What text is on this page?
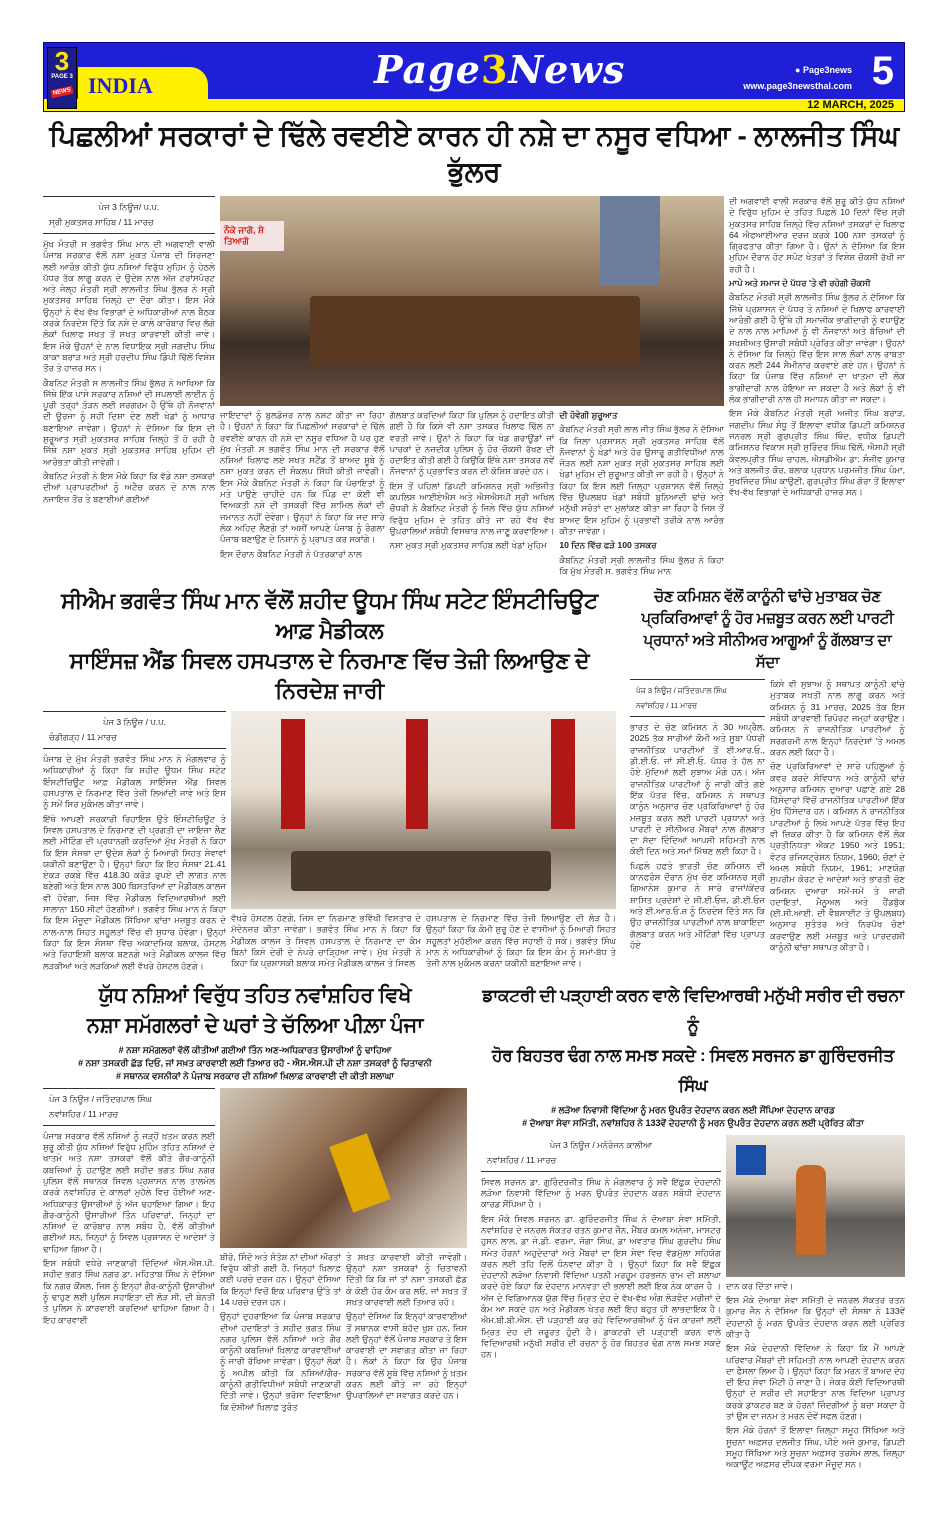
INDIA
3
PAGE 3
NEWS	Page3News	● Page3news
www.page3newsthal.com 5
12 MARCH, 2025
ਪਿਛਲੀਆਂ ਸਰਕਾਰਾਂ ਦੇ ਢਿੱਲੇ ਰਵਈਏ ਕਾਰਨ ਹੀ ਨਸ਼ੇ ਦਾ ਨਸੂਰ ਵਧਿਆ - ਲਾਲਜੀਤ ਸਿੰਘ ਭੁੱਲਰ
ਪੇਜ 3 ਨਿਊਜ਼/ ਪ.ਪ.
ਸ੍ਰੀ ਮੁਕਤਸਰ ਸਾਹਿਬ / 11 ਮਾਰਚ

ਮੁੱਖ ਮੰਤਰੀ ਸ ਭਗਵੰਤ ਸਿੰਘ ਮਾਨ ਦੀ ਅਗਵਾਈ ਵਾਲੀ ਪੰਜਾਬ ਸਰਕਾਰ ਵੱਲੋਂ ਨਸ਼ਾ ਮੁਕਤ ਪੰਜਾਬ ਦੀ ਸਿਰਜਣਾ ਲਈ ਆਰੰਭ ਕੀਤੀ ਯੁੱਧ ਨਸ਼ਿਆਂ ਵਿਰੁੱਧ ਮੁਹਿਮ ਨੂੰ ਹੇਠਲੇ ਪੱਧਰ ਤੱਕ ਲਾਗੂ ਕਰਨ ਦੇ ਉਦੇਸ਼ ਨਾਲ ਅੱਜ ਟਰਾਂਸਪੋਰਟ ਅਤੇ ਜੇਲ੍ਹ ਮੰਤਰੀ ਸ੍ਰੀ ਲਾਲਜੀਤ ਸਿੰਘ ਭੁੱਲਰ ਨੇ ਸ੍ਰੀ ਮੁਕਤਸਰ ਸਾਹਿਬ ਜ਼ਿਲ੍ਹੇ ਦਾ ਦੌਰਾ ਕੀਤਾ। ਇਸ ਮੌਕੇ ਉਨ੍ਹਾਂ ਨੇ ਵੱਖ ਵੱਖ ਵਿਭਾਗਾਂ ਦੇ ਅਧਿਕਾਰੀਆਂ ਨਾਲ ਬੈਠਕ ਕਰਕੇ ਨਿਰਦੇਸ਼ ਦਿੱਤੇ ਕਿ ਨਸ਼ੇ ਦੇ ਕਾਲੇ ਕਾਰੋਬਾਰ ਵਿਚ ਲੱਗੇ ਲੋਕਾਂ ਖਿਲਾਫ ਸਖਤ ਤੋਂ ਸਖਤ ਕਾਰਵਾਈ ਕੀਤੀ ਜਾਵੇ। ਇਸ ਮੌਕੇ ਉਹਨਾਂ ਦੇ ਨਾਲ ਵਿਧਾਇਕ ਸ੍ਰੀ ਜਗਦੀਪ ਸਿੰਘ ਕਾਕਾ ਬਰਾੜ ਅਤੇ ਸ੍ਰੀ ਹਰਦੀਪ ਸਿੰਘ ਡਿੰਪੀ ਢਿੱਲੋਂ ਵਿਸ਼ੇਸ਼ ਤੌਰ ਤੇ ਹਾਜ਼ਰ ਸਨ।

ਕੈਬਨਿਟ ਮੰਤਰੀ ਸ ਲਾਲਜੀਤ ਸਿੰਘ ਭੁੱਲਰ ਨੇ ਆਖਿਆ ਕਿ ਜਿੱਥੇ ਇੱਕ ਪਾਸੇ ਸਰਕਾਰ ਨਸ਼ਿਆਂ ਦੀ ਸਪਲਾਈ ਲਾਈਨ ਨੂੰ ਪੂਰੀ ਤਰ੍ਹਾਂ ਤੋੜਨ ਲਈ ਸਰਗਰਮ ਹੈ ਉੱਥੇ ਹੀ ਨੌਜਵਾਨਾਂ ਦੀ ਊਰਜਾ ਨੂੰ ਸਹੀ ਦਿਸ਼ਾ ਦੇਣ ਲਈ ਖੇਡਾਂ ਨੂੰ ਆਧਾਰ ਬਣਾਇਆ ਜਾਵੇਗਾ। ਉਹਨਾਂ ਨੇ ਦੱਸਿਆ ਕਿ ਇਸ ਦੀ ਸ਼ੁਰੂਆਤ ਸ੍ਰੀ ਮੁਕਤਸਰ ਸਾਹਿਬ ਜ਼ਿਲ੍ਹੇ ਤੋਂ ਹੋ ਰਹੀ ਹੈ ਜਿੱਥੇ ਨਸ਼ਾ ਮੁਕਤ ਸ੍ਰੀ ਮੁਕਤਸਰ ਸਾਹਿਬ ਮੁਹਿਮ ਦੀ ਆਰੰਭਤਾ ਕੀਤੀ ਜਾਵੇਗੀ।

ਕੈਬਨਿਟ ਮੰਤਰੀ ਨੇ ਇਸ ਮੌਕੇ ਕਿਹਾ ਕਿ ਵੱਡੇ ਨਸ਼ਾ ਤਸਕਰਾਂ ਦੀਆਂ ਪ੍ਰਾਪਰਟੀਆਂ ਨੂੰ ਅਟੈਚ ਕਰਨ ਦੇ ਨਾਲ ਨਾਲ ਨਜਾਇਜ਼ ਤੌਰ ਤੇ ਬਣਾਈਆਂ ਗਈਆਂ

ਨੌਕੇ ਜਾਗੋ, ਸ਼ੇ ਤਿਆਗੋ

ਜਾਇਦਾਦਾਂ ਨੂੰ ਬੁਲਡੋਜ਼ਰ ਨਾਲ ਨਸ਼ਟ ਕੀਤਾ ਜਾ ਰਿਹਾ ਹੈ। ਉਹਨਾਂ ਨੇ ਕਿਹਾ ਕਿ ਪਿਛਲੀਆਂ ਸਰਕਾਰਾਂ ਦੇ ਢਿੱਲੇ ਰਵਈਏ ਕਾਰਨ ਹੀ ਨਸ਼ੇ ਦਾ ਨਸੂਰ ਵਧਿਆ ਹੈ ਪਰ ਹੁਣ ਮੁੱਖ ਮੰਤਰੀ ਸ ਭਗਵੰਤ ਸਿੰਘ ਮਾਨ ਦੀ ਸਰਕਾਰ ਵੱਲੋਂ ਨਸ਼ਿਆਂ ਖਿਲਾਫ ਲਏ ਸਖਤ ਸਟੈਂਡ ਤੋਂ ਬਾਅਦ ਸੂਬੇ ਨੂੰ ਨਸ਼ਾ ਮੁਕਤ ਕਰਨ ਦੀ ਸੰਕਲਪ ਸਿੱਧੀ ਕੀਤੀ ਜਾਵੇਗੀ। ਇਸ ਮੌਕੇ ਕੈਬਨਿਟ ਮੰਤਰੀ ਨੇ ਕਿਹਾ ਕਿ ਪੰਚਾਇਤਾਂ ਨੂੰ ਮਤੇ ਪਾਉਣੇ ਚਾਹੀਦੇ ਹਨ ਕਿ ਪਿੰਡ ਦਾ ਕੋਈ ਵੀ ਵਿਅਕਤੀ ਨਸ਼ੇ ਦੀ ਤਸਕਰੀ ਵਿੱਚ ਸ਼ਾਮਿਲ ਲੋਕਾਂ ਦੀ ਜਮਾਨਤ ਨਹੀਂ ਦੇਵੇਗਾ। ਉਨ੍ਹਾਂ ਨੇ ਕਿਹਾ ਕਿ ਜਦ ਸਾਰੇ ਲੋਕ ਅਹਿਦ ਲੈਣਗੇ ਤਾਂ ਅਸੀਂ ਆਪਣੇ ਪੰਜਾਬ ਨੂੰ ਰੰਗਲਾ ਪੰਜਾਬ ਬਣਾਉਣ ਦੇ ਨਿਸ਼ਾਨੇ ਨੂੰ ਪ੍ਰਾਪਤ ਕਰ ਸਕਾਂਗੇ।

ਇਸ ਦੌਰਾਨ ਕੈਬਨਿਟ ਮੰਤਰੀ ਨੇ ਪੱਤਰਕਾਰਾਂ ਨਾਲ

ਗੱਲਬਾਤ ਕਰਦਿਆਂ ਕਿਹਾ ਕਿ ਪੁਲਿਸ ਨੂੰ ਹਦਾਇਤ ਕੀਤੀ ਗਈ ਹੈ ਕਿ ਕਿਸੇ ਵੀ ਨਸ਼ਾ ਤਸਕਰ ਖਿਲਾਫ ਢਿੱਲ ਨਾ ਵਰਤੀ ਜਾਵੇ। ਉਨਾਂ ਨੇ ਕਿਹਾ ਕਿ ਖੇਡ ਗਰਾਊਂਡਾਂ ਜਾਂ ਪਾਰਕਾਂ ਦੇ ਨਜ਼ਦੀਕ ਪੁਲਿਸ ਨੂੰ ਹੋਰ ਚੌਕਸੀ ਰੱਖਣ ਦੀ ਹਦਾਇਤ ਕੀਤੀ ਗਈ ਹੈ ਕਿਉਂਕਿ ਇੱਥੇ ਨਸ਼ਾ ਤਸਕਰ ਨਵੇਂ ਨੌਜਵਾਨਾਂ ਨੂੰ ਪ੍ਰਭਾਵਿਤ ਕਰਨ ਦੀ ਕੋਸ਼ਿਸ਼ ਕਰਦੇ ਹਨ।

ਇਸ ਤੋਂ ਪਹਿਲਾਂ ਡਿਪਟੀ ਕਮਿਸ਼ਨਰ ਸ੍ਰੀ ਅਭਿਜੀਤ ਕਪਲਿਸ਼ ਆਈਏਐਸ ਅਤੇ ਐਸਐਸਪੀ ਸ੍ਰੀ ਅਖਿਲ ਚੌਧਰੀ ਨੇ ਕੈਬਨਿਟ ਮੰਤਰੀ ਨੂੰ ਜਿਲੇ ਵਿੱਚ ਯੁੱਧ ਨਸ਼ਿਆਂ ਵਿਰੁੱਧ ਮੁਹਿਮ ਦੇ ਤਹਿਤ ਕੀਤੇ ਜਾ ਰਹੇ ਵੱਖ ਵੱਖ ਉਪਰਾਲਿਆਂ ਸਬੰਧੀ ਵਿਸਥਾਰ ਨਾਲ ਜਾਣੂ ਕਰਵਾਇਆ।

ਨਸ਼ਾ ਮੁਕਤ ਸ੍ਰੀ ਮੁਕਤਸਰ ਸਾਹਿਬ ਲਈ ਖੇਡਾਂ ਮੁਹਿਮ

ਦੀ ਹੋਵੇਗੀ ਸ਼ੁਰੂਆਤ

ਕੈਬਨਿਟ ਮੰਤਰੀ ਸ੍ਰੀ ਲਾਲ ਜੀਤ ਸਿੰਘ ਭੁੱਲਰ ਨੇ ਦੱਸਿਆ ਕਿ ਜਿਲਾ ਪ੍ਰਸ਼ਾਸਨ ਸ੍ਰੀ ਮੁਕਤਸਰ ਸਾਹਿਬ ਵੱਲੋਂ ਨੌਜਵਾਨਾਂ ਨੂੰ ਖੇਡਾਂ ਅਤੇ ਹੋਰ ਉਸਾਰੂ ਗਤੀਵਿਧੀਆਂ ਨਾਲ ਜੋੜਨ ਲਈ ਨਸ਼ਾ ਮੁਕਤ ਸ੍ਰੀ ਮੁਕਤਸਰ ਸਾਹਿਬ ਲਈ ਖੇਡਾਂ ਮੁਹਿਮ ਦੀ ਸ਼ੁਰੂਆਤ ਕੀਤੀ ਜਾ ਰਹੀ ਹੈ। ਉਨ੍ਹਾਂ ਨੇ ਕਿਹਾ ਕਿ ਇਸ ਲਈ ਜ਼ਿਲ੍ਹਾ ਪ੍ਰਸ਼ਾਸਨ ਵੱਲੋਂ ਜ਼ਿਲ੍ਹੇ ਵਿੱਚ ਉਪਲਬਧ ਖੇਡਾਂ ਸਬੰਧੀ ਬੁਨਿਆਦੀ ਢਾਂਚੇ ਅਤੇ ਮਨੁੱਖੀ ਸਰੋਤਾਂ ਦਾ ਮੁਲਾਂਕਣ ਕੀਤਾ ਜਾ ਰਿਹਾ ਹੈ ਜਿਸ ਤੋਂ ਬਾਅਦ ਇਸ ਮੁਹਿਮ ਨੂੰ ਪ੍ਰਭਾਵੀ ਤਰੀਕੇ ਨਾਲ ਆਰੰਭ ਕੀਤਾ ਜਾਵੇਗਾ।

10 ਦਿਨ ਵਿੱਚ ਫੜੇ 100 ਤਸਕਰ

ਕੈਬਨਿਟ ਮੰਤਰੀ ਸ੍ਰੀ ਲਾਲਜੀਤ ਸਿੰਘ ਭੁੱਲਰ ਨੇ ਕਿਹਾ ਕਿ ਮੁੱਖ ਮੰਤਰੀ ਸ. ਭਗਵੰਤ ਸਿੰਘ ਮਾਨ

ਦੀ ਅਗਵਾਈ ਵਾਲੀ ਸਰਕਾਰ ਵੱਲੋਂ ਸ਼ੁਰੂ ਕੀਤੇ ਯੁੱਧ ਨਸ਼ਿਆਂ ਦੇ ਵਿਰੁੱਧ ਮੁਹਿਮ ਦੇ ਤਹਿਤ ਪਿਛਲੇ 10 ਦਿਨਾਂ ਵਿੱਚ ਸ੍ਰੀ ਮੁਕਤਸਰ ਸਾਹਿਬ ਜ਼ਿਲ੍ਹੇ ਵਿੱਚ ਨਸ਼ਿਆਂ ਤਸਕਰਾਂ ਦੇ ਖਿਲਾਫ 64 ਐਫਆਈਆਰ ਦਰਜ ਕਰਕੇ 100 ਨਸ਼ਾ ਤਸਕਰਾਂ ਨੂੰ ਗ੍ਰਿਫਤਾਰ ਕੀਤਾ ਗਿਆ ਹੈ। ਉਨਾਂ ਨੇ ਦੱਸਿਆ ਕਿ ਇਸ ਮੁਹਿਮ ਦੌਰਾਨ ਹੋਟ ਸਪੋਟ ਖੇਤਰਾਂ ਤੇ ਵਿਸ਼ੇਸ਼ ਚੌਕਸੀ ਰੱਖੀ ਜਾ ਰਹੀ ਹੈ।

ਮਾਪੇ ਅਤੇ ਸਮਾਜ ਦੇ ਪੱਧਰ 'ਤੇ ਵੀ ਰਹੇਗੀ ਚੌਕਸੀ

ਕੈਬਨਿਟ ਮੰਤਰੀ ਸ੍ਰੀ ਲਾਲਜੀਤ ਸਿੰਘ ਭੁੱਲਰ ਨੇ ਦੱਸਿਆ ਕਿ ਜਿੱਥੇ ਪ੍ਰਸ਼ਾਸਨ ਦੇ ਪੱਧਰ ਤੇ ਨਸ਼ਿਆਂ ਦੇ ਖਿਲਾਫ ਕਾਰਵਾਈ ਆਰੰਭੀ ਗਈ ਹੈ ਉੱਥੇ ਹੀ ਸਮਾਜੀਕ ਭਾਗੀਦਾਰੀ ਨੂੰ ਵਧਾਉਣ ਦੇ ਨਾਲ ਨਾਲ ਮਾਪਿਆਂ ਨੂੰ ਵੀ ਨੌਜਵਾਨਾਂ ਅਤੇ ਬੱਚਿਆਂ ਦੀ ਸ਼ਖਸ਼ੀਅਤ ਉਸਾਰੀ ਸਬੰਧੀ ਪ੍ਰੇਰਿਤ ਕੀਤਾ ਜਾਵੇਗਾ। ਉਹਨਾਂ ਨੇ ਦੱਸਿਆ ਕਿ ਜ਼ਿਲ੍ਹੇ ਵਿੱਚ ਇਸ ਸਾਲ ਲੋਕਾਂ ਨਾਲ ਰਾਬਤਾ ਕਰਨ ਲਈ 244 ਸੈਮੀਨਾਰ ਕਰਵਾਏ ਗਏ ਹਨ। ਉਹਨਾਂ ਨੇ ਕਿਹਾ ਕਿ ਪੰਜਾਬ ਵਿੱਚ ਨਸ਼ਿਆਂ ਦਾ ਖਾਤਮਾ ਦੀ ਲੋਕ ਭਾਗੀਦਾਰੀ ਨਾਲ ਹੋਇਆ ਜਾ ਸਕਦਾ ਹੈ ਅਤੇ ਲੋਕਾਂ ਨੂੰ ਵੀ ਲੋਕ ਭਾਗੀਦਾਰੀ ਨਾਲ ਹੀ ਸਮਾਧਨ ਕੀਤਾ ਜਾ ਸਕਦਾ।

ਇਸ ਮੌਕੇ ਕੈਬਨਿਟ ਮੰਤਰੀ ਸ੍ਰੀ ਅਜੀਤ ਸਿੰਘ ਬਰਾੜ, ਜਗਦੀਪ ਸਿੰਘ ਸੰਧੂ ਤੋਂ ਇਲਾਵਾ ਵਧੀਕ ਡਿਪਟੀ ਕਮਿਸ਼ਨਰ ਜਨਰਲ ਸ੍ਰੀ ਗੁਰਪ੍ਰੀਤ ਸਿੰਘ ਥਿੰਦ, ਵਧੀਕ ਡਿਪਟੀ ਕਮਿਸ਼ਨਰ ਵਿਕਾਸ ਸ੍ਰੀ ਸੁਰਿੰਦਰ ਸਿੰਘ ਢਿੱਲੋਂ, ਐਸਪੀ ਸ੍ਰੀ ਕੰਵਲਪ੍ਰੀਤ ਸਿੰਘ ਚਾਹਲ, ਐਸਡੀਐਮ ਡਾ: ਸੰਜੀਵ ਕੁਮਾਰ ਅਤੇ ਬਲਜੀਤ ਕੌਰ, ਬਲਾਕ ਪ੍ਰਧਾਨ ਪਰਮਜੀਤ ਸਿੰਘ ਪੰਮਾ, ਸੁਖਜਿੰਦਰ ਸਿੰਘ ਕਾਉਣੀ, ਗੁਰਪ੍ਰੀਤ ਸਿੰਘ ਗੋਰਾ ਤੋਂ ਇਲਾਵਾ ਵੱਖ-ਵੱਖ ਵਿਭਾਗਾਂ ਦੇ ਅਧਿਕਾਰੀ ਹਾਜ਼ਰ ਸਨ।

ਸੀਐਮ ਭਗਵੰਤ ਸਿੰਘ ਮਾਨ ਵੱਲੋਂ ਸ਼ਹੀਦ ਊਧਮ ਸਿੰਘ ਸਟੇਟ ਇੰਸਟੀਚਿਊਟ ਆਫ਼ ਮੈਡੀਕਲ
ਸਾਇੰਸਜ਼ ਐਂਡ ਸਿਵਲ ਹਸਪਤਾਲ ਦੇ ਨਿਰਮਾਣ ਵਿੱਚ ਤੇਜ਼ੀ ਲਿਆਉਣ ਦੇ ਨਿਰਦੇਸ਼ ਜਾਰੀ
ਪੇਜ 3 ਨਿਊਜ਼ / ਪ.ਪ.
ਚੰਡੀਗੜ੍ਹ / 11 ਮਾਰਚ

ਪੰਜਾਬ ਦੇ ਮੁੱਖ ਮੰਤਰੀ ਭਗਵੰਤ ਸਿੰਘ ਮਾਨ ਨੇ ਮੰਗਲਵਾਰ ਨੂੰ ਅਧਿਕਾਰੀਆਂ ਨੂੰ ਕਿਹਾ ਕਿ ਸ਼ਹੀਦ ਊਧਮ ਸਿੰਘ ਸਟੇਟ ਇੰਸਟੀਚਿਊਟ ਆਫ਼ ਮੈਡੀਕਲ ਸਾਇੰਸਜ਼ ਐਂਡ ਸਿਵਲ ਹਸਪਤਾਲ ਦੇ ਨਿਰਮਾਣ ਵਿੱਚ ਤੇਜ਼ੀ ਲਿਆਂਦੀ ਜਾਵੇ ਅਤੇ ਇਸ ਨੂੰ ਸਮੇਂ ਸਿਰ ਮੁਕੰਮਲ ਕੀਤਾ ਜਾਵੇ।

ਇੱਥੇ ਆਪਣੀ ਸਰਕਾਰੀ ਰਿਹਾਇਸ਼ ਉਤੇ ਇੰਸਟੀਚਿਊਟ ਤੇ ਸਿਵਲ ਹਸਪਤਾਲ ਦੇ ਨਿਰਮਾਣ ਦੀ ਪ੍ਰਗਤੀ ਦਾ ਜਾਇਜ਼ਾ ਲੈਣ ਲਈ ਮੀਟਿੰਗ ਦੀ ਪ੍ਰਧਾਨਗੀ ਕਰਦਿਆਂ ਮੁੱਖ ਮੰਤਰੀ ਨੇ ਕਿਹਾ ਕਿ ਇਸ ਸੰਸਥਾ ਦਾ ਉਦੇਸ਼ ਲੋਕਾਂ ਨੂੰ ਮਿਆਰੀ ਸਿਹਤ ਸੇਵਾਵਾਂ ਯਕੀਨੀ ਬਣਾਉਣਾ ਹੈ। ਉਨ੍ਹਾਂ ਕਿਹਾ ਕਿ ਇਹ ਸੰਸਥਾ 21.41 ਏਕੜ ਰਕਬੇ ਵਿੱਚ 418.30 ਕਰੋੜ ਰੁਪਏ ਦੀ ਲਾਗਤ ਨਾਲ ਬਣੇਗੀ ਅਤੇ ਇਸ ਨਾਲ 300 ਬਿਸਤਰਿਆਂ ਦਾ ਮੈਡੀਕਲ ਕਾਲਜ ਵੀ ਹੋਵੇਗਾ, ਜਿਸ ਵਿੱਚ ਮੈਡੀਕਲ ਵਿਦਿਆਰਥੀਆਂ ਲਈ ਸਾਲਾਨਾ 150 ਸੀਟਾਂ ਹੋਣਗੀਆਂ। ਭਗਵੰਤ ਸਿੰਘ ਮਾਨ ਨੇ ਕਿਹਾ ਕਿ ਇਸ ਮੌਜੂਦਾ ਮੈਡੀਕਲ ਸਿੱਖਿਆ ਢਾਂਚਾ ਮਜ਼ਬੂਤ ਕਰਨ ਦੇ ਨਾਲ-ਨਾਲ ਸਿਹਤ ਸਹੂਲਤਾਂ ਵਿੱਚ ਵੀ ਸੁਧਾਰ ਹੋਵੇਗਾ। ਉਨ੍ਹਾਂ ਕਿਹਾ ਕਿ ਇਸ ਸੰਸਥਾ ਵਿੱਚ ਅਕਾਦਮਿਕ ਬਲਾਕ, ਹੋਸਟਲ ਅਤੇ ਰਿਹਾਇਸ਼ੀ ਬਲਾਕ ਬਣਨਗੇ ਅਤੇ ਮੈਡੀਕਲ ਕਾਲਜ ਵਿੱਚ ਲੜਕੀਆਂ ਅਤੇ ਲੜਕਿਆਂ ਲਈ ਵੱਖਰੇ ਹੋਸਟਲ ਹੋਣਗੇ।

ਵੱਖਰੇ ਹੋਸਟਲ ਹੋਣਗੇ, ਜਿਸ ਦਾ ਨਿਰਮਾਣ ਭਵਿੱਖੀ ਵਿਸਤਾਰ ਦੇ ਮੱਦੇਨਜ਼ਰ ਕੀਤਾ ਜਾਵੇਗਾ। ਭਗਵੰਤ ਸਿੰਘ ਮਾਨ ਨੇ ਕਿਹਾ ਕਿ ਮੈਡੀਕਲ ਕਾਲਜ ਤੇ ਸਿਵਲ ਹਸਪਤਾਲ ਦੇ ਨਿਰਮਾਣ ਦਾ ਕੰਮ ਬਿਨਾਂ ਕਿਸੇ ਦੇਰੀ ਦੇ ਨੇਪਰੇ ਚਾੜ੍ਹਿਆ ਜਾਵੇ। ਮੁੱਖ ਮੰਤਰੀ ਨੇ ਕਿਹਾ ਕਿ ਪ੍ਰਸ਼ਾਸਕੀ ਬਲਾਕ ਸਮੇਤ ਮੈਡੀਕਲ ਕਾਲਜ ਤੇ ਸਿਵਲ

ਹਸਪਤਾਲ ਦੇ ਨਿਰਮਾਣ ਵਿੱਚ ਤੇਜ਼ੀ ਲਿਆਉਣ ਦੀ ਲੋੜ ਹੈ। ਉਨ੍ਹਾਂ ਕਿਹਾ ਕਿ ਕੰਮੀ ਸ਼ੁਰੂ ਹੋਣ ਦੇ ਵਾਸੀਆਂ ਨੂੰ ਮਿਆਰੀ ਸਿਹਤ ਸਹੂਲਤਾਂ ਮੁਹੱਈਆ ਕਰਨ ਵਿੱਚ ਸਹਾਈ ਹੋ ਸਕੇ। ਭਗਵੰਤ ਸਿੰਘ ਮਾਨ ਨੇ ਅਧਿਕਾਰੀਆਂ ਨੂੰ ਕਿਹਾ ਕਿ ਇਸ ਕੰਮ ਨੂੰ ਸਮਾਂ-ਬੱਧ ਤੇ ਤੇਜ਼ੀ ਨਾਲ ਮੁਕੰਮਲ ਕਰਨਾ ਯਕੀਨੀ ਬਣਾਇਆ ਜਾਵੇ।

ਚੋਣ ਕਮਿਸ਼ਨ ਵੱਲੋਂ ਕਾਨੂੰਨੀ ਢਾਂਚੇ ਮੁਤਾਬਕ ਚੋਣ
ਪ੍ਰਕਿਰਿਆਵਾਂ ਨੂੰ ਹੋਰ ਮਜ਼ਬੂਤ ਕਰਨ ਲਈ ਪਾਰਟੀ
ਪ੍ਰਧਾਨਾਂ ਅਤੇ ਸੀਨੀਅਰ ਆਗੂਆਂ ਨੂੰ ਗੱਲਬਾਤ ਦਾ ਸੱਦਾ
ਪੇਜ 3 ਨਿਊਜ਼ / ਜਤਿੰਦਰਪਾਲ ਸਿੰਘ
ਨਵਾਂਸ਼ਹਿਰ / 11 ਮਾਰਚ

ਭਾਰਤ ਦੇ ਚੋਣ ਕਮਿਸ਼ਨ ਨੇ 30 ਅਪ੍ਰੈਲ, 2025 ਤੱਕ ਸਾਰੀਆਂ ਕੌਮੀ ਅਤੇ ਸੂਬਾ ਪੱਧਰੀ ਰਾਜਨੀਤਿਕ ਪਾਰਟੀਆਂ ਤੋਂ ਈ.ਆਰ.ਓ., ਡੀ.ਈ.ਓ. ਜਾਂ ਸੀ.ਈ.ਓ. ਪੱਧਰ ਤੇ ਹੱਲ ਨਾ ਹੋਏ ਮੁੱਦਿਆਂ ਲਈ ਸੁਝਾਅ ਮੰਗੇ ਹਨ। ਅੱਜ ਰਾਜਨੀਤਿਕ ਪਾਰਟੀਆਂ ਨੂੰ ਜਾਰੀ ਕੀਤੇ ਗਏ ਇੱਕ ਪੱਤਰ ਵਿੱਚ, ਕਮਿਸ਼ਨ ਨੇ ਸਥਾਪਤ ਕਾਨੂੰਨ ਅਨੁਸਾਰ ਚੋਣ ਪ੍ਰਕਿਰਿਆਵਾਂ ਨੂੰ ਹੋਰ ਮਜ਼ਬੂਤ ਕਰਨ ਲਈ ਪਾਰਟੀ ਪ੍ਰਧਾਨਾਂ ਅਤੇ ਪਾਰਟੀ ਦੇ ਸੀਨੀਅਰ ਮੈਂਬਰਾਂ ਨਾਲ ਗੱਲਬਾਤ ਦਾ ਸੱਦਾ ਦਿੰਦਿਆਂ ਆਪਸੀ ਸਹਿਮਤੀ ਨਾਲ ਕੋਈ ਦਿਨ ਅਤੇ ਸਮਾਂ ਮਿੱਥਣ ਲਈ ਕਿਹਾ ਹੈ।

ਪਿਛਲੇ ਹਫ਼ਤੇ ਭਾਰਤੀ ਚੋਣ ਕਮਿਸ਼ਨ ਦੀ ਕਾਨਫਰੰਸ ਦੌਰਾਨ ਮੁੱਖ ਚੋਣ ਕਮਿਸ਼ਨਰ ਸ੍ਰੀ ਗਿਆਨੇਸ਼ ਕੁਮਾਰ ਨੇ ਸਾਰੇ ਰਾਜਾਂ/ਕੇਂਦਰ ਸ਼ਾਸਿਤ ਪ੍ਰਦੇਸ਼ਾਂ ਦੇ ਸੀ.ਈ.ਓਜ਼, ਡੀ.ਈ.ਓਜ਼ ਅਤੇ ਈ.ਆਰ.ਓ.ਜ਼ ਨੂੰ ਨਿਰਦੇਸ਼ ਦਿੱਤੇ ਸਨ ਕਿ ਉਹ ਰਾਜਨੀਤਿਕ ਪਾਰਟੀਆਂ ਨਾਲ ਬਾਕਾਇਦਾ ਗੱਲਬਾਤ ਕਰਨ ਅਤੇ ਮੀਟਿੰਗਾਂ ਵਿੱਚ ਪ੍ਰਾਪਤ ਹੋਏ

ਕਿਸੇ ਵੀ ਸੁਝਾਅ ਨੂੰ ਸਥਾਪਤ ਕਾਨੂੰਨੀ ਢਾਂਚੇ ਮੁਤਾਬਕ ਸਖ਼ਤੀ ਨਾਲ ਲਾਗੂ ਕਰਨ ਅਤੇ ਕਮਿਸ਼ਨ ਨੂੰ 31 ਮਾਰਚ, 2025 ਤੱਕ ਇਸ ਸਬੰਧੀ ਕਾਰਵਾਈ ਰਿਪੋਰਟ ਜਮ੍ਹਾਂ ਕਰਾਉਣ। ਕਮਿਸ਼ਨ ਨੇ ਰਾਜਨੀਤਿਕ ਪਾਰਟੀਆਂ ਨੂੰ ਸਰਗਰਮੀ ਨਾਲ ਇਨ੍ਹਾਂ ਨਿਰਦੇਸ਼ਾਂ 'ਤੇ ਅਮਲ ਕਰਨ ਲਈ ਕਿਹਾ ਹੈ।

ਚੋਣ ਪ੍ਰਕਿਰਿਆਵਾਂ ਦੇ ਸਾਰੇ ਪਹਿਲੂਆਂ ਨੂੰ ਕਵਰ ਕਰਦੇ ਸੰਵਿਧਾਨ ਅਤੇ ਕਾਨੂੰਨੀ ਢਾਂਚੇ ਅਨੁਸਾਰ ਕਮਿਸ਼ਨ ਦੁਆਰਾ ਪਛਾਣੇ ਗਏ 28 ਹਿੱਸੇਦਾਰਾਂ ਵਿੱਚੋਂ ਰਾਜਨੀਤਿਕ ਪਾਰਟੀਆਂ ਇੱਕ ਮੁੱਖ ਹਿੱਸੇਦਾਰ ਹਨ। ਕਮਿਸ਼ਨ ਨੇ ਰਾਜਨੀਤਿਕ ਪਾਰਟੀਆਂ ਨੂੰ ਲਿਖੇ ਆਪਣੇ ਪੱਤਰ ਵਿੱਚ ਇਹ ਵੀ ਜ਼ਿਕਰ ਕੀਤਾ ਹੈ ਕਿ ਕਮਿਸ਼ਨ ਵੱਲੋਂ ਲੋਕ ਪ੍ਰਤੀਨਿਧਤਾ ਐਕਟ 1950 ਅਤੇ 1951; ਵੋਟਰ ਰਜਿਸਟ੍ਰੇਸ਼ਨ ਨਿਯਮ, 1960; ਚੋਣਾਂ ਦੇ ਅਮਲ ਸਬੰਧੀ ਨਿਯਮ, 1961; ਮਾਣਯੋਗ ਸੁਪਰੀਮ ਕੋਰਟ ਦੇ ਆਦੇਸ਼ਾਂ ਅਤੇ ਭਾਰਤੀ ਚੋਣ ਕਮਿਸ਼ਨ ਦੁਆਰਾ ਸਮੇਂ-ਸਮੇਂ ਤੇ ਜਾਰੀ ਹਦਾਇਤਾਂ, ਮੈਨੂਅਲ ਅਤੇ ਹੈਂਡਬੁੱਕ (ਈ.ਸੀ.ਆਈ. ਦੀ ਵੈਬਸਾਈਟ ਤੇ ਉਪਲਬਧ) ਅਨੁਸਾਰ ਸੁਤੰਤਰ ਅਤੇ ਨਿਰਪੱਖ ਚੋਣਾਂ ਕਰਵਾਉਣ ਲਈ ਮਜ਼ਬੂਤ ਅਤੇ ਪਾਰਦਰਸ਼ੀ ਕਾਨੂੰਨੀ ਢਾਂਚਾ ਸਥਾਪਤ ਕੀਤਾ ਹੈ।

ਯੁੱਧ ਨਸ਼ਿਆਂ ਵਿਰੁੱਧ ਤਹਿਤ ਨਵਾਂਸ਼ਹਿਰ ਵਿਖੇ
ਨਸ਼ਾ ਸਮੱਗਲਰਾਂ ਦੇ ਘਰਾਂ ਤੇ ਚੱਲਿਆ ਪੀਲ਼ਾ ਪੰਜਾ
# ਨਸ਼ਾ ਸਮੱਗਲਰਾਂ ਵੱਲੋਂ ਕੀਤੀਆਂ ਗਈਆਂ ਤਿੰਨ ਅਣ-ਅਧਿਕਾਰਤ ਉਸਾਰੀਆਂ ਨੂੰ ਢਾਹਿਆ
# ਨਸ਼ਾ ਤਸਕਰੀ ਛੱਡ ਦਿਓ, ਜਾਂ ਸਖ਼ਤ ਕਾਰਵਾਈ ਲਈ ਤਿਆਰ ਰਹੋ - ਐਸ.ਐਸ.ਪੀ ਦੀ ਨਸ਼ਾ ਤਸਕਰਾਂ ਨੂੰ ਚਿਤਾਵਨੀ
# ਸਥਾਨਕ ਵਸਨੀਕਾਂ ਨੇ ਪੰਜਾਬ ਸਰਕਾਰ ਦੀ ਨਸ਼ਿਆਂ ਖ਼ਿਲਾਫ਼ ਕਾਰਵਾਈ ਦੀ ਕੀਤੀ ਸ਼ਲਾਘਾ
ਪੇਜ 3 ਨਿਊਜ਼ / ਜਤਿੰਦਰਪਾਲ ਸਿੰਘ
ਨਵਾਂਸ਼ਹਿਰ / 11 ਮਾਰਚ

ਪੰਜਾਬ ਸਰਕਾਰ ਵੱਲੋਂ ਨਸ਼ਿਆਂ ਨੂੰ ਜੜ੍ਹੋਂ ਖ਼ਤਮ ਕਰਨ ਲਈ ਸ਼ੁਰੂ ਕੀਤੀ ਯੁੱਧ ਨਸ਼ਿਆਂ ਵਿਰੁੱਧ ਮੁਹਿੰਮ ਤਹਿਤ ਨਸ਼ਿਆਂ ਦੇ ਖਾਤਮੇ ਅਤੇ ਨਸ਼ਾ ਤਸਕਰਾਂ ਵੱਲੋਂ ਕੀਤੇ ਗੈਰ-ਕਾਨੂੰਨੀ ਕਬਜ਼ਿਆਂ ਨੂੰ ਹਟਾਉਣ ਲਈ ਸ਼ਹੀਦ ਭਗਤ ਸਿੰਘ ਨਗਰ ਪੁਲਿਸ ਵੱਲੋਂ ਸਥਾਨਕ ਸਿਵਲ ਪ੍ਰਸ਼ਾਸਨ ਨਾਲ ਤਾਲਮੇਲ ਕਰਕੇ ਨਵਾਂਸ਼ਹਿਰ ਦੇ ਕਾਲਰਾਂ ਮੁਹੱਲੇ ਵਿਚ ਹੋਈਆਂ ਅਣ-ਅਧਿਕਾਰਤ ਉਸਾਰੀਆਂ ਨੂੰ ਅੱਜ ਢਹਾਇਆ ਗਿਆ। ਇਹ ਗੈਰ-ਕਾਨੂੰਨੀ ਉਸਾਰੀਆਂ ਤਿੰਨ ਪਰਿਵਾਰਾਂ, ਜਿਨ੍ਹਾਂ ਦਾ ਨਸ਼ਿਆਂ ਦੇ ਕਾਰੋਬਾਰ ਨਾਲ ਸਬੰਧ ਹੈ, ਵੱਲੋਂ ਕੀਤੀਆਂ ਗਈਆਂ ਸਨ, ਜਿਨ੍ਹਾਂ ਨੂੰ ਸਿਵਲ ਪ੍ਰਸ਼ਾਸਨ ਦੇ ਆਦੇਸ਼ਾਂ ਤੇ ਢਾਹਿਆ ਗਿਆ ਹੈ।

ਇਸ ਸਬੰਧੀ ਵਧੇਰੇ ਜਾਣਕਾਰੀ ਦਿੰਦਿਆਂ ਐਸ.ਐਸ.ਪੀ. ਸ਼ਹੀਦ ਭਗਤ ਸਿੰਘ ਨਗਰ ਡਾ. ਮਹਿਤਾਬ ਸਿੰਘ ਨੇ ਦੱਸਿਆ ਕਿ ਨਗਰ ਕੌਂਸਲ, ਜਿਸ ਨੂੰ ਇਨ੍ਹਾਂ ਗੈਰ-ਕਾਨੂੰਨੀ ਉਸਾਰੀਆਂ ਨੂੰ ਢਾਹੁਣ ਲਈ ਪੁਲਿਸ ਸਹਾਇਤਾ ਦੀ ਲੋੜ ਸੀ, ਦੀ ਬੇਨਤੀ ਤੇ ਪੁਲਿਸ ਨੇ ਕਾਰਵਾਈ ਕਰਦਿਆਂ ਢਾਹਿਆ ਗਿਆ ਹੈ। ਇਹ ਕਾਰਵਾਈ

ਬੀਰੋ, ਸਿੰਦੋ ਅਤੇ ਸੰਤੋਸ਼ ਨਾਂ ਦੀਆਂ ਔਰਤਾਂ ਵਿਰੁੱਧ ਕੀਤੀ ਗਈ ਹੈ, ਜਿਨ੍ਹਾਂ ਖ਼ਿਲਾਫ਼ ਕਈ ਪਰਚੇ ਦਰਜ ਹਨ। ਉਨ੍ਹਾਂ ਦੱਸਿਆ ਕਿ ਇਨ੍ਹਾਂ ਵਿਚੋਂ ਇਕ ਪਰਿਵਾਰ ਉੱਤੇ ਤਾਂ 14 ਪਰਚੇ ਦਰਜ ਹਨ।

ਉਨ੍ਹਾਂ ਦੁਹਰਾਇਆ ਕਿ ਪੰਜਾਬ ਸਰਕਾਰ ਦੀਆਂ ਹਦਾਇਤਾਂ ਤੇ ਸ਼ਹੀਦ ਭਗਤ ਸਿੰਘ ਨਗਰ ਪੁਲਿਸ ਵੱਲੋਂ ਨਸ਼ਿਆਂ ਅਤੇ ਗੈਰ ਕਾਨੂੰਨੀ ਕਬਜ਼ਿਆਂ ਖ਼ਿਲਾਫ਼ ਕਾਰਵਾਈਆਂ ਨੂੰ ਜਾਰੀ ਰੱਖਿਆ ਜਾਵੇਗਾ। ਉਨ੍ਹਾਂ ਲੋਕਾਂ ਨੂੰ ਅਪੀਲ ਕੀਤੀ ਕਿ ਨਸ਼ਿਆਂ/ਗੈਰ-ਕਾਨੂੰਨੀ ਗਤੀਵਿਧੀਆਂ ਸਬੰਧੀ ਜਾਣਕਾਰੀ ਦਿੱਤੀ ਜਾਵੇ। ਉਨ੍ਹਾਂ ਭਰੋਸਾ ਦਿਵਾਇਆ ਕਿ ਦੋਸ਼ੀਆਂ ਖ਼ਿਲਾਫ਼ ਤੁਰੰਤ

ਤੇ ਸਖ਼ਤ ਕਾਰਵਾਈ ਕੀਤੀ ਜਾਵੇਗੀ। ਉਨ੍ਹਾਂ ਨਸ਼ਾ ਤਸਕਰਾਂ ਨੂੰ ਚਿਤਾਵਨੀ ਦਿੱਤੀ ਕਿ ਕਿ ਜਾਂ ਤਾਂ ਨਸ਼ਾ ਤਸਕਰੀ ਛੱਡ ਕੇ ਕੋਈ ਹੋਰ ਕੰਮ ਕਰ ਲਓ, ਜਾਂ ਸਖ਼ਤ ਤੋਂ ਸਖ਼ਤ ਕਾਰਵਾਈ ਲਈ ਤਿਆਰ ਰਹੋ।

ਉਨ੍ਹਾਂ ਦੱਸਿਆ ਕਿ ਇਨ੍ਹਾਂ ਕਾਰਵਾਈਆਂ ਤੋਂ ਸਥਾਨਕ ਵਾਸੀ ਬੇਹੱਦ ਖੁਸ਼ ਹਨ, ਜਿਸ ਲਈ ਉਨ੍ਹਾਂ ਵੱਲੋਂ ਪੰਜਾਬ ਸਰਕਾਰ ਤੇ ਇਸ ਕਾਰਵਾਈ ਦਾ ਸਵਾਗਤ ਕੀਤਾ ਜਾ ਰਿਹਾ ਹੈ। ਲੋਕਾਂ ਨੇ ਕਿਹਾ ਕਿ ਉਹ ਪੰਜਾਬ ਸਰਕਾਰ ਵੱਲੋਂ ਸੂਬੇ ਵਿੱਚ ਨਸ਼ਿਆਂ ਨੂੰ ਖ਼ਤਮ ਕਰਨ ਲਈ ਕੀਤੇ ਜਾ ਰਹੇ ਇਨ੍ਹਾਂ ਉਪਰਾਲਿਆਂ ਦਾ ਸਵਾਗਤ ਕਰਦੇ ਹਨ।

ਡਾਕਟਰੀ ਦੀ ਪੜ੍ਹਾਈ ਕਰਨ ਵਾਲੇ ਵਿਦਿਆਰਥੀ ਮਨੁੱਖੀ ਸਰੀਰ ਦੀ ਰਚਨਾ ਨੂੰ
ਹੋਰ ਬਿਹਤਰ ਢੰਗ ਨਾਲ ਸਮਝ ਸਕਦੇ : ਸਿਵਲ ਸਰਜਨ ਡਾ ਗੁਰਿੰਦਰਜੀਤ ਸਿੰਘ
# ਲੜੋਆ ਨਿਵਾਸੀ ਵਿੱਦਿਆ ਨੂੰ ਮਰਨ ਉਪਰੰਤ ਦੇਹਦਾਨ ਕਰਨ ਲਈ ਸੌਂਪਿਆ ਦੇਹਦਾਨ ਕਾਰਡ
# ਦੋਆਬਾ ਸੇਵਾ ਸਮਿੱਤੀ, ਨਵਾਂਸ਼ਹਿਰ ਨੇ 133ਵੇਂ ਦੇਹਦਾਨੀ ਨੂੰ ਮਰਨ ਉਪਰੰਤ ਦੇਹਦਾਨ ਕਰਨ ਲਈ ਪ੍ਰੇਰਿਤ ਕੀਤਾ
ਪੇਜ 3 ਨਿਊਜ਼ / ਮਨੋਰੰਜਨ ਕਾਲੀਆ
ਨਵਾਂਸ਼ਹਿਰ / 11 ਮਾਰਚ

ਸਿਵਲ ਸਰਜਨ ਡਾ. ਗੁਰਿੰਦਰਜੀਤ ਸਿੰਘ ਨੇ ਮੰਗਲਵਾਰ ਨੂੰ ਸਵੈ ਇੱਛੁਕ ਦੇਹਦਾਨੀ ਲੜੋਆ ਨਿਵਾਸੀ ਵਿੱਦਿਆ ਨੂੰ ਮਰਨ ਉਪਰੰਤ ਦੇਹਦਾਨ ਕਰਨ ਸਬੰਧੀ ਦੇਹਦਾਨ ਕਾਰਡ ਸੌਂਪਿਆ ਹੈ ।

ਇਸ ਮੌਕੇ ਸਿਵਲ ਸਰਜਨ ਡਾ. ਗੁਰਿੰਦਰਜੀਤ ਸਿੰਘ ਨੇ ਦੋਆਬਾ ਸੇਵਾ ਸਮਿੱਤੀ, ਨਵਾਂਸ਼ਹਿਰ ਦੇ ਜਨਰਲ ਸੱਕਤਰ ਰਤਨ ਕੁਮਾਰ ਜੈਨ, ਮੈਂਬਰ ਕਮਲ ਅਨੇਜਾ, ਮਾਸਟਰ ਹੁਸਨ ਲਾਲ, ਡਾ ਜੇ.ਡੀ. ਵਰਮਾ, ਜੋਗਾ ਸਿੰਘ, ਡਾ ਅਵਤਾਰ ਸਿੰਘ ਗੁਰਦੀਪ ਸਿੰਘ ਸਮੇਤ ਹੋਰਨਾਂ ਅਹੁਦੇਦਾਰਾਂ ਅਤੇ ਮੈਂਬਰਾਂ ਦਾ ਇਸ ਸੇਵਾ ਵਿਚ ਵੱਡਮੁੱਲਾ ਸਹਿਯੋਗ ਕਰਨ ਲਈ ਤਹਿ ਦਿਲੋਂ ਧੰਨਵਾਦ ਕੀਤਾ ਹੈ । ਉਨ੍ਹਾਂ ਕਿਹਾ ਕਿ ਸਵੈ ਇੱਛੁਕ ਦੇਹਦਾਨੀ ਲੜੋਆ ਨਿਵਾਸੀ ਵਿੱਦਿਆ ਪਤਨੀ ਮਰਹੂਮ ਹਰਭਜਨ ਰਾਮ ਦੀ ਸ਼ਲਾਘਾ ਕਰਦੇ ਹੋਏ ਕਿਹਾ ਕਿ ਦੇਹਦਾਨ ਮਾਨਵਤਾ ਦੀ ਭਲਾਈ ਲਈ ਇਕ ਨੇਕ ਕਾਰਜ ਹੈ ।ਅੱਜ ਦੇ ਵਿਗਿਆਨਕ ਯੁੱਗ ਵਿੱਚ ਮ੍ਰਿਤ ਦੇਹ ਦੇ ਵੱਖ-ਵੱਖ ਅੰਗ ਲੋੜਵੰਦ ਮਰੀਜ਼ਾਂ ਦੇ ਕੰਮ ਆ ਸਕਦੇ ਹਨ ਅਤੇ ਮੈਡੀਕਲ ਖੇਤਰ ਲਈ ਇਹ ਬਹੁਤ ਹੀ ਲਾਭਦਾਇਕ ਹੈ। ਐਮ.ਬੀ.ਬੀ.ਐਸ. ਦੀ ਪੜ੍ਹਾਈ ਕਰ ਰਹੇ ਵਿਦਿਆਰਥੀਆਂ ਨੂੰ ਖੋਜ ਕਾਰਜਾਂ ਲਈ ਮ੍ਰਿਤ ਦੇਹ ਦੀ ਜ਼ਰੂਰਤ ਹੁੰਦੀ ਹੈ। ਡਾਕਟਰੀ ਦੀ ਪੜ੍ਹਾਈ ਕਰਨ ਵਾਲੇ ਵਿਦਿਆਰਥੀ ਮਨੁੱਖੀ ਸਰੀਰ ਦੀ ਰਚਨਾ ਨੂੰ ਹੋਰ ਬਿਹਤਰ ਢੰਗ ਨਾਲ ਸਮਝ ਸਕਦੇ ਹਨ।

ਦਾਨ ਕਰ ਦਿੱਤਾ ਜਾਵੇ।

ਇਸ ਮੌਕੇ ਦੋਆਬਾ ਸੇਵਾ ਸਮਿੱਤੀ ਦੇ ਜਨਰਲ ਸੱਕਤਰ ਰਤਨ ਕੁਮਾਰ ਜੈਨ ਨੇ ਦੱਸਿਆ ਕਿ ਉਨ੍ਹਾਂ ਦੀ ਸੰਸਥਾ ਨੇ 133ਵੇਂ ਦੇਹਦਾਨੀ ਨੂੰ ਮਰਨ ਉਪਰੰਤ ਦੇਹਦਾਨ ਕਰਨ ਲਈ ਪ੍ਰੇਰਿਤ ਕੀਤਾ ਹੈ

ਇਸ ਮੌਕੇ ਦੇਹਦਾਨੀ ਵਿੱਦਿਆ ਨੇ ਕਿਹਾ ਕਿ ਮੈਂ ਆਪਣੇ ਪਰਿਵਾਰ ਮੈਂਬਰਾਂ ਦੀ ਸਹਿਮਤੀ ਨਾਲ ਆਪਣੀ ਦੇਹਦਾਨ ਕਰਨ ਦਾ ਫੈਸਲਾ ਲਿਆ ਹੈ। ਉਨ੍ਹਾਂ ਕਿਹਾ ਕਿ ਮਰਨ ਤੋਂ ਬਾਅਦ ਦੇਹ ਦੀ ਇਹ ਸੇਵਾ ਮਿੱਟੀ ਹੋ ਜਾਣਾ ਹੈ। ਜੇਕਰ ਕੋਈ ਵਿਦਿਆਰਥੀ ਉਨ੍ਹਾਂ ਦੇ ਸਰੀਰ ਦੀ ਸਹਾਇਤਾ ਨਾਲ ਵਿਦਿਆ ਪ੍ਰਾਪਤ ਕਰਕੇ ਡਾਕਟਰ ਬਣ ਕੇ ਹੋਰਨਾਂ ਜ਼ਿੰਦਗੀਆਂ ਨੂੰ ਬਚਾ ਸਕਦਾ ਹੈ ਤਾਂ ਉਸ ਦਾ ਜਨਮ ਤੇ ਮਰਨ ਦੋਵੇਂ ਸਫਲ ਹੋਣਗੇ।

ਇਸ ਮੌਕੇ ਹੋਰਨਾਂ ਤੋਂ ਇਲਾਵਾ ਜ਼ਿਲ੍ਹਾ ਸਮੂਹ ਸਿੱਖਿਆ ਅਤੇ ਸੂਚਨਾ ਅਫ਼ਸਰ ਦਲਜੀਤ ਸਿੰਘ, ਪੀਏ ਅਜੇ ਕੁਮਾਰ, ਡਿਪਟੀ ਸਮੂਹ ਸਿੱਖਿਆ ਅਤੇ ਸੂਚਨਾ ਅਫ਼ਸਰ ਤਰਸੇਮ ਲਾਲ, ਜ਼ਿਲ੍ਹਾ ਅਕਾਊਂਟ ਅਫ਼ਸਰ ਦੀਪਕ ਵਰਮਾ ਮੌਜੂਦ ਸਨ।
